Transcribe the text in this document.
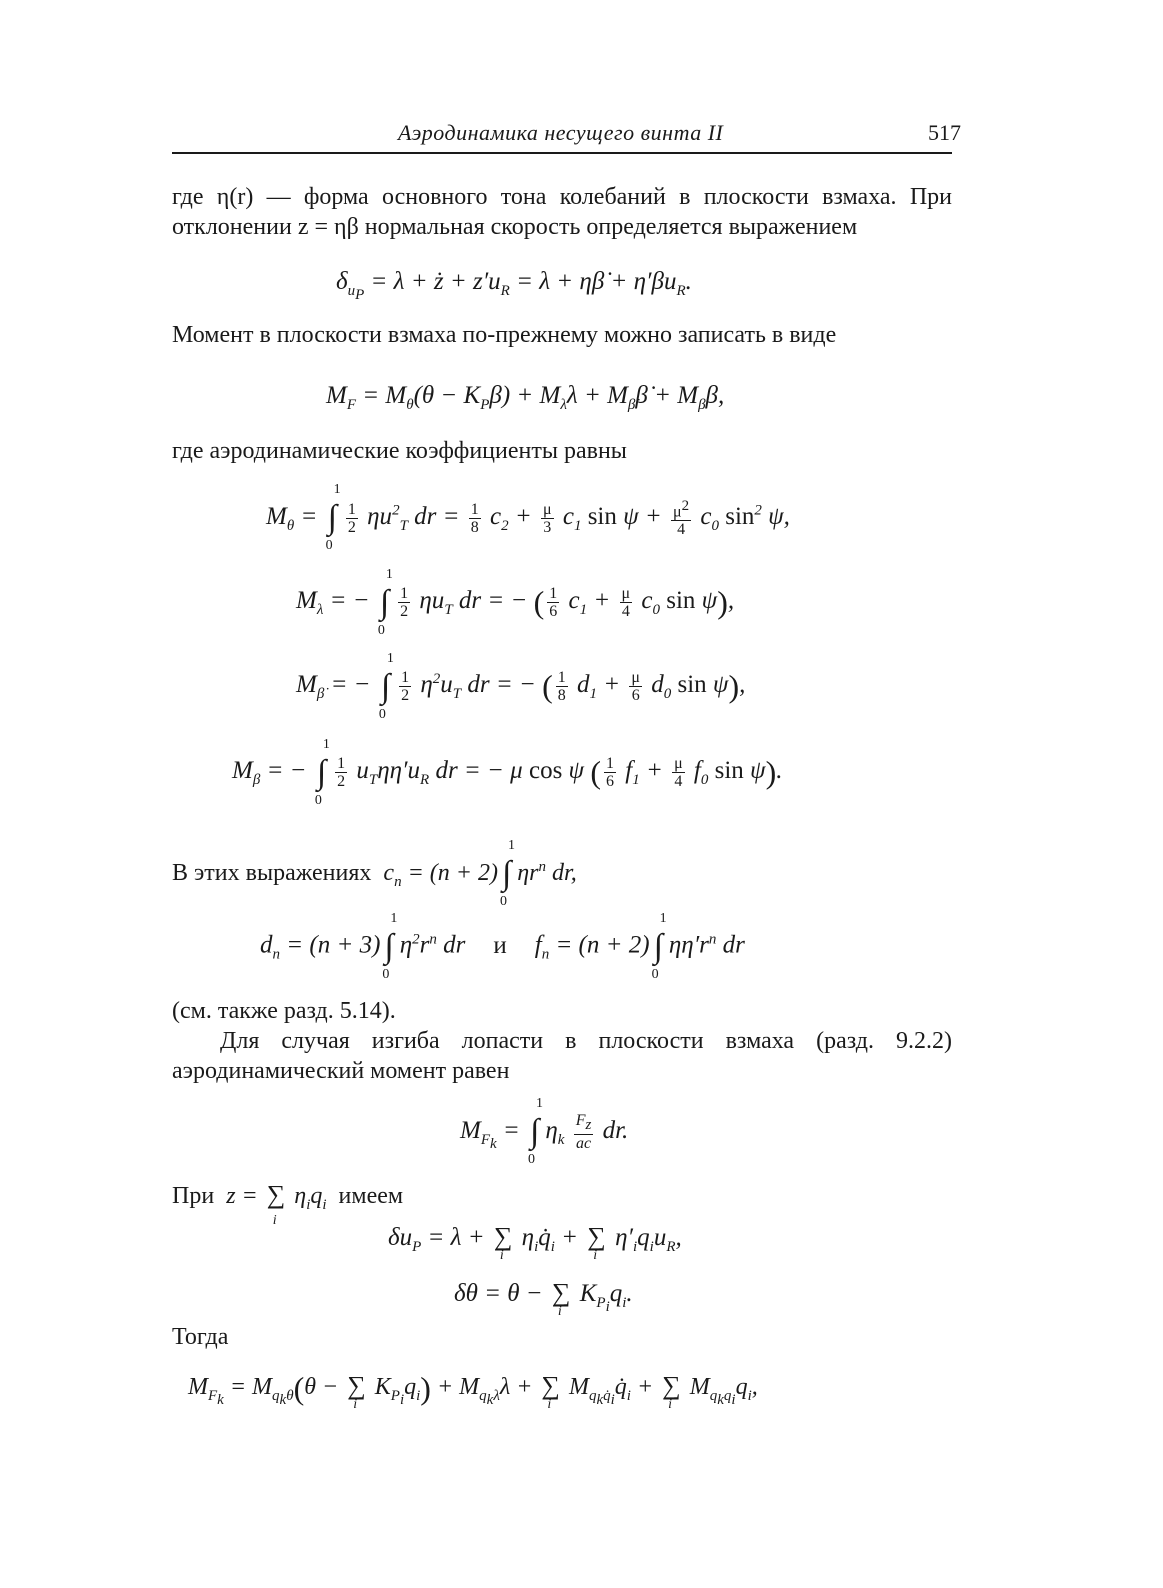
Аэродинамика несущего винта II	517
где η(r) — форма основного тона колебаний в плоскости взмаха. При отклонении z = ηβ нормальная скорость определяется выражением
$\delta_{u_P} = \lambda$ + ż + $z'u_R = \lambda$ + ηβ̇ + $\eta'\beta u_R$.
Момент в плоскости взмаха по-прежнему можно записать в виде
$M_F = M_\theta(\theta - K_P\beta) + M_\lambda\lambda$ + $M_{\betȧ}\betȧ + M_\beta\beta$,
где аэродинамические коэффициенты равны
$M_\theta$ = ∫
1
0
$\frac{1}{2} \eta u^2_T$ dr = $\frac{1}{8} c_2 + \frac{\mu}{3} c_1$ $\sin \psi + \frac{\mu^2}{4} c_0$ $\sin^2 \psi$,
$M_\lambda$ = − ∫
1
0
$\frac{1}{2} \eta u_T$ dr = − ( $\frac{1}{6} c_1 + \frac{\mu}{4} c_0$ sin ψ),
$M_{\betȧ}$ = − ∫
1
0
$\frac{1}{2} \eta^2u_T$ dr = − ( $\frac{1}{8} d_1 + \frac{\mu}{6} d_0$ sin ψ),
$M_\beta$ = − ∫
1
0
$\frac{1}{2} u_T\eta\eta'u_R$ dr = − μ cos ψ ( $\frac{1}{6} f_1 + \frac{\mu}{4} f_0$ sin ψ).
В этих выражениях  $c_n = (n + 2)$ ∫
1
0
$\eta r^n$ dr,
$d_n = (n + 3)$ ∫
1
0
$\eta^2r^n$ dr и $f_n = (n + 2)$ ∫
1
0
$\eta\eta'r^n$ dr
(см. также разд. 5.14).
Для случая изгиба лопасти в плоскости взмаха (разд. 9.2.2) аэродинамический момент равен
$M_{F_k}$ = ∫
1
0
$\eta_k \frac{F_z}{ac}$ dr.
При  z = ∑
i
$\eta_iq_i$ имеем
$\delta u_P = \lambda$ + ∑
i
$\eta_iq̇_i$ + ∑
i
$\eta'_iq_iu_R$,
δθ = θ − ∑
i
$K_{P_i}q_i$.
Тогда
$M_{F_k} = M_{q_k\theta}(\theta$ − ∑
i
$K_{P_i}q_i) + M_{q_k\lambda}\lambda$ + ∑
i
$M_{q_kq̇_i}q̇_i$ + ∑
i
$M_{q_kq_i}q_i$,
